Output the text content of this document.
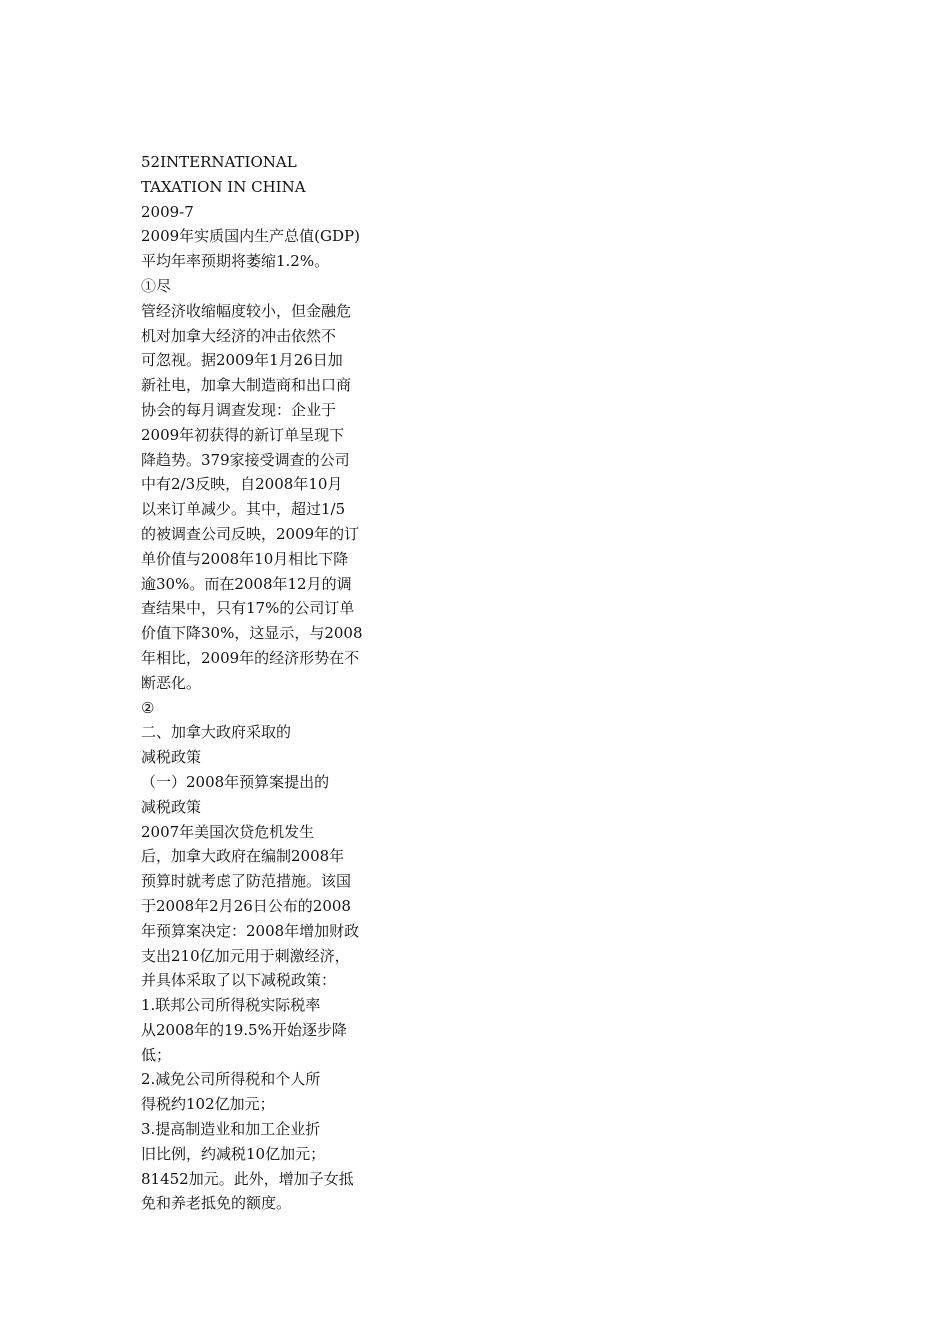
52INTERNATIONAL
TAXATION IN CHINA
2009-7
2009年实质国内生产总值(GDP)
平均年率预期将萎缩1.2%。
①尽
管经济收缩幅度较小，但金融危
机对加拿大经济的冲击依然不
可忽视。据2009年1月26日加
新社电，加拿大制造商和出口商
协会的每月调查发现：企业于
2009年初获得的新订单呈现下
降趋势。379家接受调查的公司
中有2/3反映，自2008年10月
以来订单减少。其中，超过1/5
的被调查公司反映，2009年的订
单价值与2008年10月相比下降
逾30%。而在2008年12月的调
查结果中，只有17%的公司订单
价值下降30%，这显示，与2008
年相比，2009年的经济形势在不
断恶化。
②
二、加拿大政府采取的
减税政策
（一）2008年预算案提出的
减税政策
2007年美国次贷危机发生
后，加拿大政府在编制2008年
预算时就考虑了防范措施。该国
于2008年2月26日公布的2008
年预算案决定：2008年增加财政
支出210亿加元用于刺激经济，
并具体采取了以下减税政策：
1.联邦公司所得税实际税率
从2008年的19.5%开始逐步降
低；
2.减免公司所得税和个人所
得税约102亿加元；
3.提高制造业和加工企业折
旧比例，约减税10亿加元；
81452加元。此外，增加子女抵
免和养老抵免的额度。
